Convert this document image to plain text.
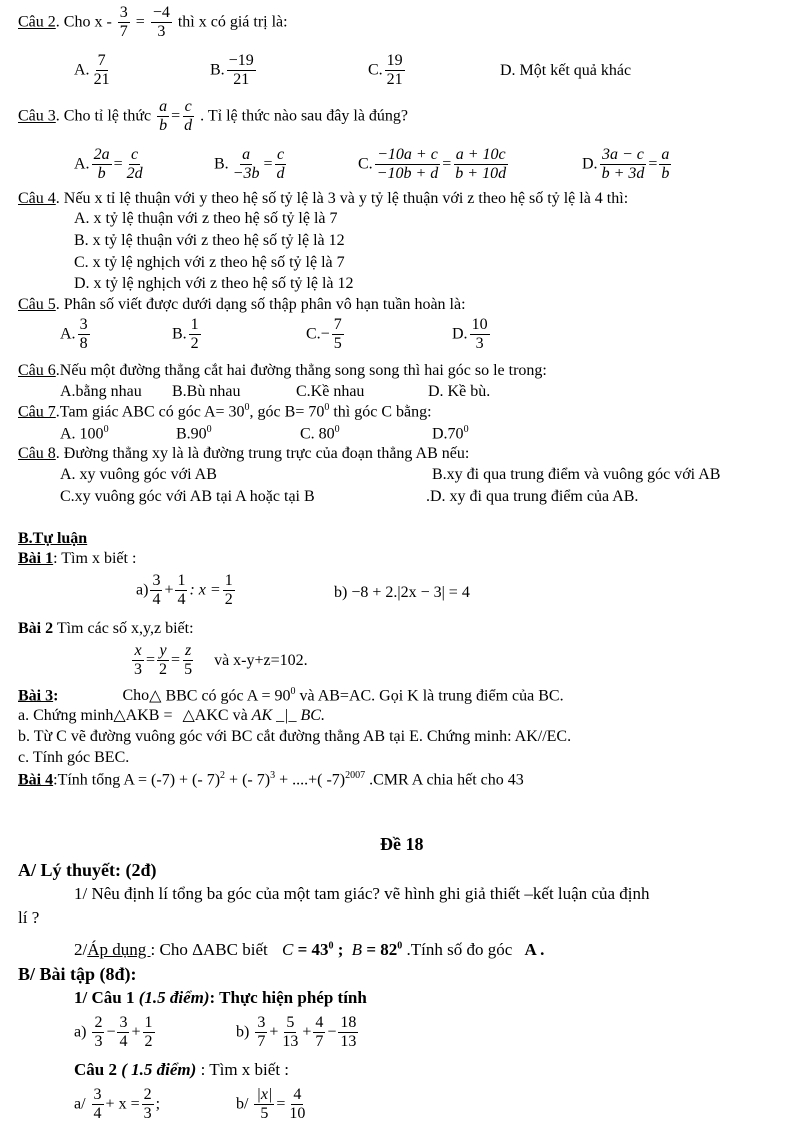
Câu 2. Cho $x - \frac{3}{7} = \frac{-4}{3}$ thì x có giá trị là:
A. $\frac{7}{21}$	B. $\frac{-19}{21}$	C. $\frac{19}{21}$	D. Một kết quả khác
Câu 3. Cho tỉ lệ thức $\frac{a}{b} = \frac{c}{d}$ . Tỉ lệ thức nào sau đây là đúng?
A. $\frac{2a}{b} = \frac{c}{2d}$	B. $\frac{a}{-3b} = \frac{c}{d}$	C. $\frac{-10a + c}{-10b + d} = \frac{a + 10c}{b + 10d}$	D. $\frac{3a - c}{b + 3d} = \frac{a}{b}$
Câu 4. Nếu x tỉ lệ thuận với y theo hệ số tỷ lệ là 3 và y tỷ lệ thuận với z theo hệ số tỷ lệ là 4 thì:
A. x tỷ lệ thuận với z theo hệ số tỷ lệ là 7
B. x tỷ lệ thuận với z theo hệ số tỷ lệ là 12
C. x tỷ lệ nghịch với z theo hệ số tỷ lệ là 7
D. x tỷ lệ nghịch với z theo hệ số tỷ lệ là 12
Câu 5. Phân số viết được dưới dạng số thập phân vô hạn tuần hoàn là:
A. $\frac{3}{8}$	B. $\frac{1}{2}$	$C.- \frac{7}{5}$	D. $\frac{10}{3}$
Câu 6.Nếu một đường thẳng cắt hai đường thẳng song song thì hai góc so le trong:
A.bằng nhau B.Bù nhau	C.Kề nhau	D. Kề bù.
Câu 7.Tam giác ABC có góc $A= 30^0$, góc $B= 70^0$ thì góc C bằng:
A. $100^0$	$B.90^0$	C. $80^0$	$D.70^0$
Câu 8. Đường thẳng xy là là đường trung trực của đoạn thẳng AB nếu:
A. xy vuông góc với AB	B.xy đi qua trung điểm và vuông góc với AB
C.xy vuông góc với AB tại A hoặc tại B	.D. xy đi qua trung điểm của AB.
B.Tự luận
Bài 1: Tìm x biết :
$a) \frac{3}{4} + \frac{1}{4}$ : $x = \frac{1}{2}$	b) −8 + 2.|2x − 3| = 4
Bài 2 Tìm các số x,y,z biết:
$\frac{x}{3} = \frac{y}{2} = \frac{z}{5}$ và x-y+z=102.
Bài 3:	Cho△ BBC có góc $A = 90^0$ và AB=AC. Gọi K là trung điểm của BC.
a. Chứng minh△AKB = △AKC và AK _|_ BC.
b. Từ C vẽ đường vuông góc với BC cắt đường thẳng AB tại E. Chứng minh: AK//EC.
c. Tính góc BEC.
Bài 4:Tính tổng A = (-7) + (- 7)$^2$ + (- 7)$^3$ + ....+( -7)$^{2007}$ .CMR A chia hết cho 43
Đề 18
A/ Lý thuyết: (2đ)
1/ Nêu định lí tổng ba góc của một tam giác? vẽ hình ghi giả thiết –kết luận của định
lí ?
2/Áp dụng : Cho ΔABC biết $C = 43^0$ ; $B = 82^0$ .Tính số đo góc A .
B/ Bài tập (8đ):
1/ Câu 1 (1.5 điểm): Thực hiện phép tính
$a) \frac{2}{3} - \frac{3}{4} + \frac{1}{2}$	$b) \frac{3}{7} + \frac{5}{13} + \frac{4}{7} - \frac{18}{13}$
Câu 2 ( 1.5 điểm) : Tìm x biết :
$a/ \frac{3}{4} + x = \frac{2}{3}$ ;	$b/ \frac{|x|}{5} = \frac{4}{10}$
